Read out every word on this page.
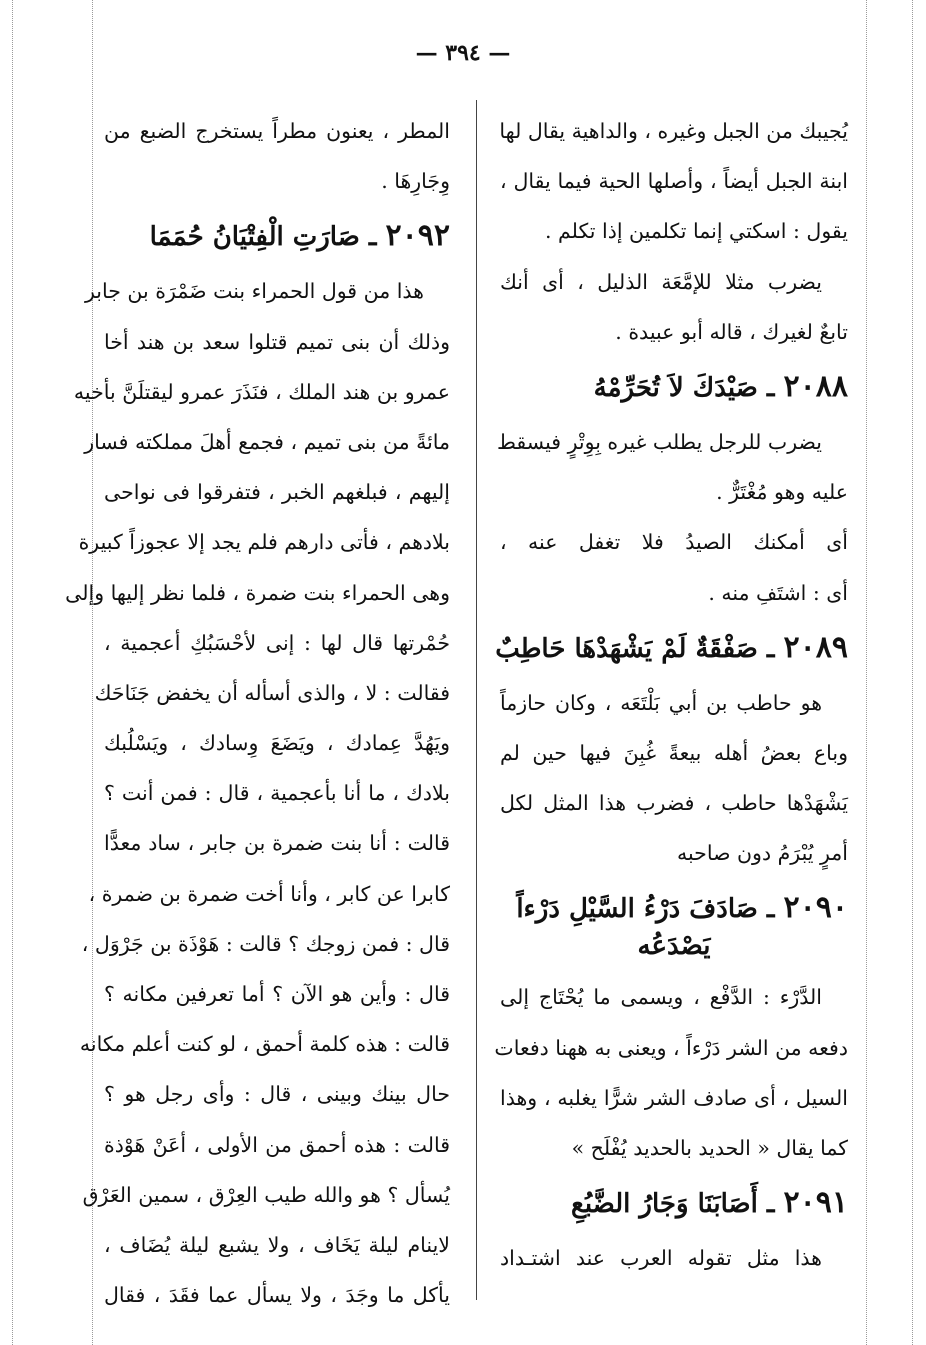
— ٣٩٤ —
يُجيبك من الجبل وغيره ، والداهية يقال لها
ابنة الجبل أيضاً ، وأصلها الحية فيما يقال ،
يقول : اسكتي إنما تكلمين إذا تكلم .
يضرب مثلا للإمَّعَة الذليل ، أى أنك
تابعٌ لغيرك ، قاله أبو عبيدة .
٢٠٨٨ ـ صَيْدَكَ لاَ تُحَرِّمْهُ
يضرب للرجل يطلب غيره بِوِتْرٍ فيسقط
عليه وهو مُغْتَرٌّ .
أى أمكنك الصيدُ فلا تغفل عنه ،
أى : اشتَفِ منه .
٢٠٨٩ ـ صَفْقَةٌ لَمْ يَشْهَدْهَا حَاطِبٌ
هو حاطب بن أبي بَلْتَعَه ، وكان حازماً
وباع بعضُ أهله بيعةً غُبِنَ فيها حين لم
يَشْهَدْها حاطب ، فضرب هذا المثل لكل
أمرٍ يُبْرَمُ دون صاحبه
٢٠٩٠ ـ صَادَفَ دَرْءُ السَّيْلِ دَرْءاً
يَصْدَعُه
الدَّرْء : الدَّفْع ، ويسمى ما يُحْتَاج إلى
دفعه من الشر دَرْءاً ، ويعنى به ههنا دفعات
السيل ، أى صادف الشر شرًّا يغلبه ، وهذا
كما يقال « الحديد بالحديد يُفْلَح »
٢٠٩١ ـ أَصَابَنَا وَجَارُ الضَّبُعِ
هذا مثل تقوله العرب عند اشتـداد
المطر ، يعنون مطراً يستخرج الضبع من
وِجَارِهَا .
٢٠٩٢ ـ صَارَتِ الْفِتْيَانُ حُمَمَا
هذا من قول الحمراء بنت ضَمْرَة بن جابر
وذلك أن بنى تميم قتلوا سعد بن هند أخا
عمرو بن هند الملك ، فنَذَرَ عمرو ليقتلَنَّ بأخيه
مائةً من بنى تميم ، فجمع أهلَ مملكته فسار
إليهم ، فبلغهم الخبر ، فتفرقوا فى نواحى
بلادهم ، فأتى دارهم فلم يجد إلا عجوزاً كبيرة
وهى الحمراء بنت ضمرة ، فلما نظر إليها وإلى
حُمْرتها قال لها : إنى لأحْسَبُكِ أعجمية ،
فقالت : لا ، والذى أسأله أن يخفض جَنَاحَك
ويَهُدَّ عِمادك ، ويَضَعَ وِسادك ، ويَسْلُبك
بلادك ، ما أنا بأعجمية ، قال : فمن أنت ؟
قالت : أنا بنت ضمرة بن جابر ، ساد معدًّا
كابرا عن كابر ، وأنا أخت ضمرة بن ضمرة ،
قال : فمن زوجك ؟ قالت : هَوْذَة بن جَرْوَل ،
قال : وأين هو الآن ؟ أما تعرفين مكانه ؟
قالت : هذه كلمة أحمق ، لو كنت أعلم مكانه
حال بينك وبينى ، قال : وأى رجل هو ؟
قالت : هذه أحمق من الأولى ، أعَنْ هَوْذة
يُسأل ؟ هو والله طيب العِرْق ، سمين العَرْق
لاينام ليلة يَخَاف ، ولا يشبع ليلة يُضَاف ،
يأكل ما وجَدَ ، ولا يسأل عما فقَدَ ، فقال
